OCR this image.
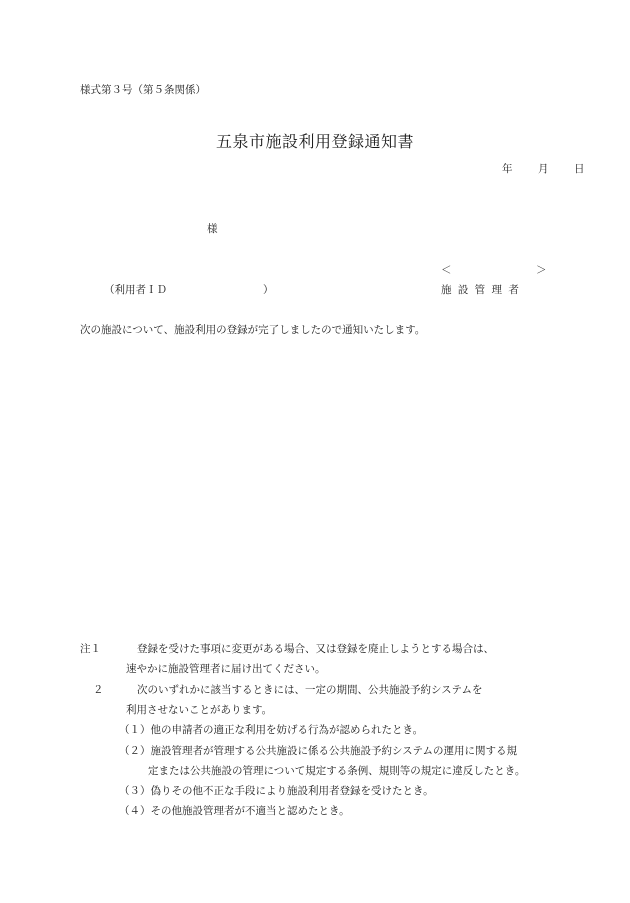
様式第３号（第５条関係）
五泉市施設利用登録通知書
年 月 日
様
＜	＞
（利用者ＩＤ	）	施 設 管 理 者
次の施設について、施設利用の登録が完了しましたので通知いたします。
注１	登録を受けた事項に変更がある場合、又は登録を廃止しようとする場合は、
速やかに施設管理者に届け出てください。
２	次のいずれかに該当するときには、一定の期間、公共施設予約システムを
利用させないことがあります。
（１）他の申請者の適正な利用を妨げる行為が認められたとき。
（２）施設管理者が管理する公共施設に係る公共施設予約システムの運用に関する規
定または公共施設の管理について規定する条例、規則等の規定に違反したとき。
（３）偽りその他不正な手段により施設利用者登録を受けたとき。
（４）その他施設管理者が不適当と認めたとき。
